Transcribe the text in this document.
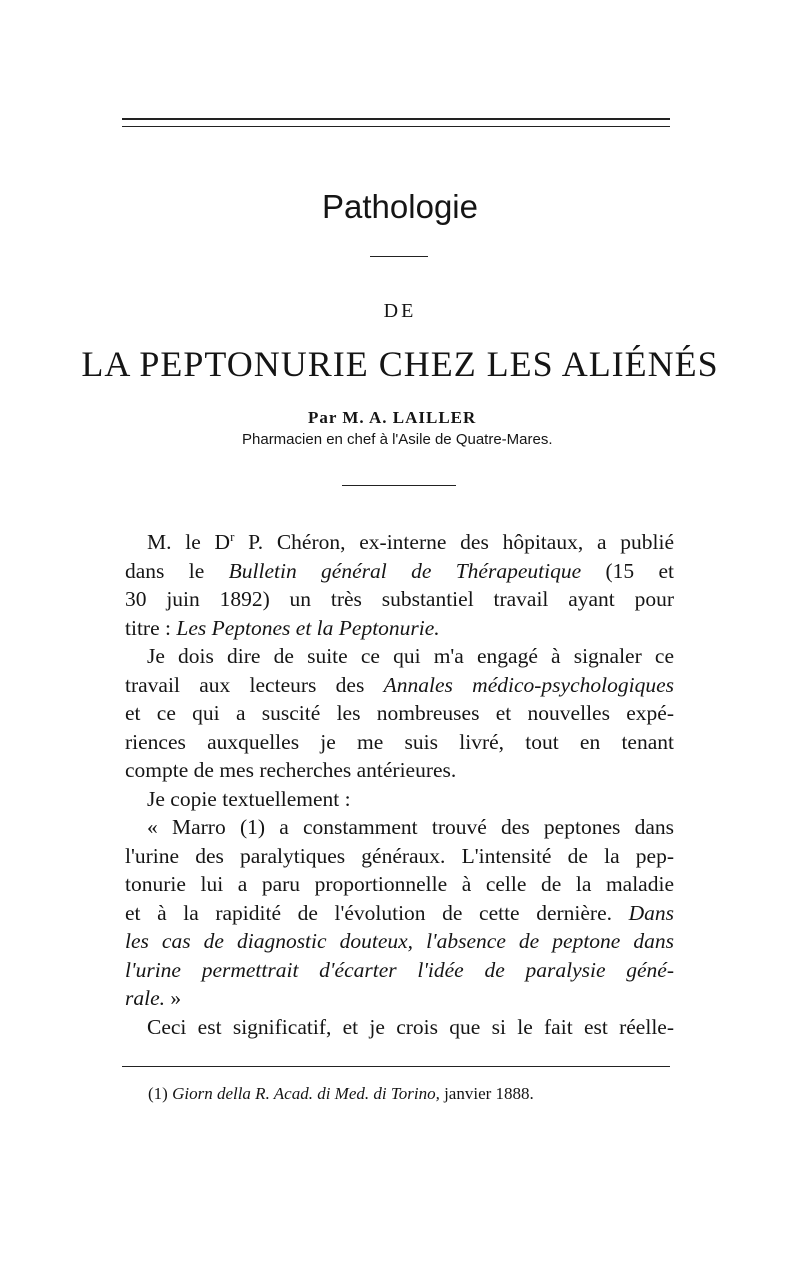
Pathologie
DE
LA PEPTONURIE CHEZ LES ALIÉNÉS
Par M. A. LAILLER
Pharmacien en chef à l'Asile de Quatre-Mares.
M. le $D^r$ P. Chéron, ex-interne des hôpitaux, a publié
dans le Bulletin général de Thérapeutique (15 et
30 juin 1892) un très substantiel travail ayant pour
titre : Les Peptones et la Peptonurie.
Je dois dire de suite ce qui m'a engagé à signaler ce
travail aux lecteurs des Annales médico-psychologiques
et ce qui a suscité les nombreuses et nouvelles expé-
riences auxquelles je me suis livré, tout en tenant
compte de mes recherches antérieures.
Je copie textuellement :
« Marro (1) a constamment trouvé des peptones dans
l'urine des paralytiques généraux. L'intensité de la pep-
tonurie lui a paru proportionnelle à celle de la maladie
et à la rapidité de l'évolution de cette dernière. Dans
les cas de diagnostic douteux, l'absence de peptone dans
l'urine permettrait d'écarter l'idée de paralysie géné-
rale. »
Ceci est significatif, et je crois que si le fait est réelle-
(1) Giorn della R. Acad. di Med. di Torino, janvier 1888.
